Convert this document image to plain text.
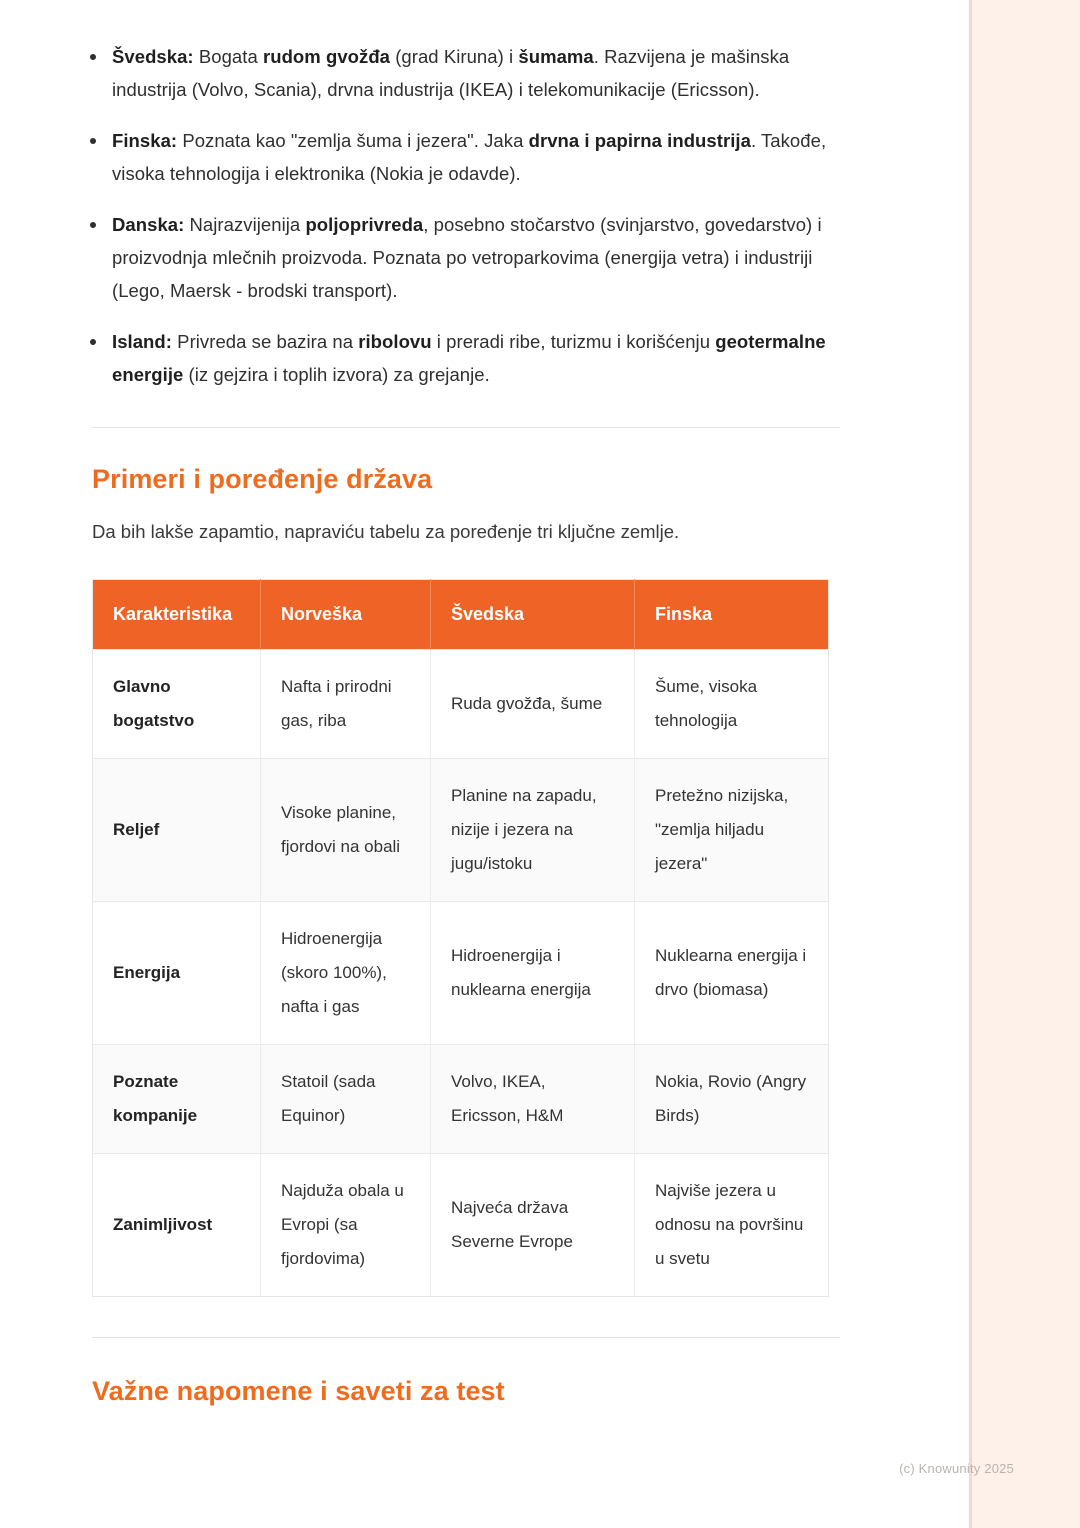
Švedska: Bogata rudom gvožđa (grad Kiruna) i šumama. Razvijena je mašinska industrija (Volvo, Scania), drvna industrija (IKEA) i telekomunikacije (Ericsson).
Finska: Poznata kao "zemlja šuma i jezera". Jaka drvna i papirna industrija. Takođe, visoka tehnologija i elektronika (Nokia je odavde).
Danska: Najrazvijenija poljoprivreda, posebno stočarstvo (svinjarstvo, govedarstvo) i proizvodnja mlečnih proizvoda. Poznata po vetroparkovima (energija vetra) i industriji (Lego, Maersk - brodski transport).
Island: Privreda se bazira na ribolovu i preradi ribe, turizmu i korišćenju geotermalne energije (iz gejzira i toplih izvora) za grejanje.
Primeri i poređenje država

Da bih lakše zapamtio, napraviću tabelu za poređenje tri ključne zemlje.

Karakteristika	Norveška	Švedska	Finska
Glavno bogatstvo	Nafta i prirodni gas, riba	Ruda gvožđa, šume	Šume, visoka tehnologija
Reljef	Visoke planine, fjordovi na obali	Planine na zapadu, nizije i jezera na jugu/istoku	Pretežno nizijska, "zemlja hiljadu jezera"
Energija	Hidroenergija (skoro 100%), nafta i gas	Hidroenergija i nuklearna energija	Nuklearna energija i drvo (biomasa)
Poznate kompanije	Statoil (sada Equinor)	Volvo, IKEA, Ericsson, H&M	Nokia, Rovio (Angry Birds)
Zanimljivost	Najduža obala u Evropi (sa fjordovima)	Najveća država Severne Evrope	Najviše jezera u odnosu na površinu u svetu
Važne napomene i saveti za test
(c) Knowunity 2025
